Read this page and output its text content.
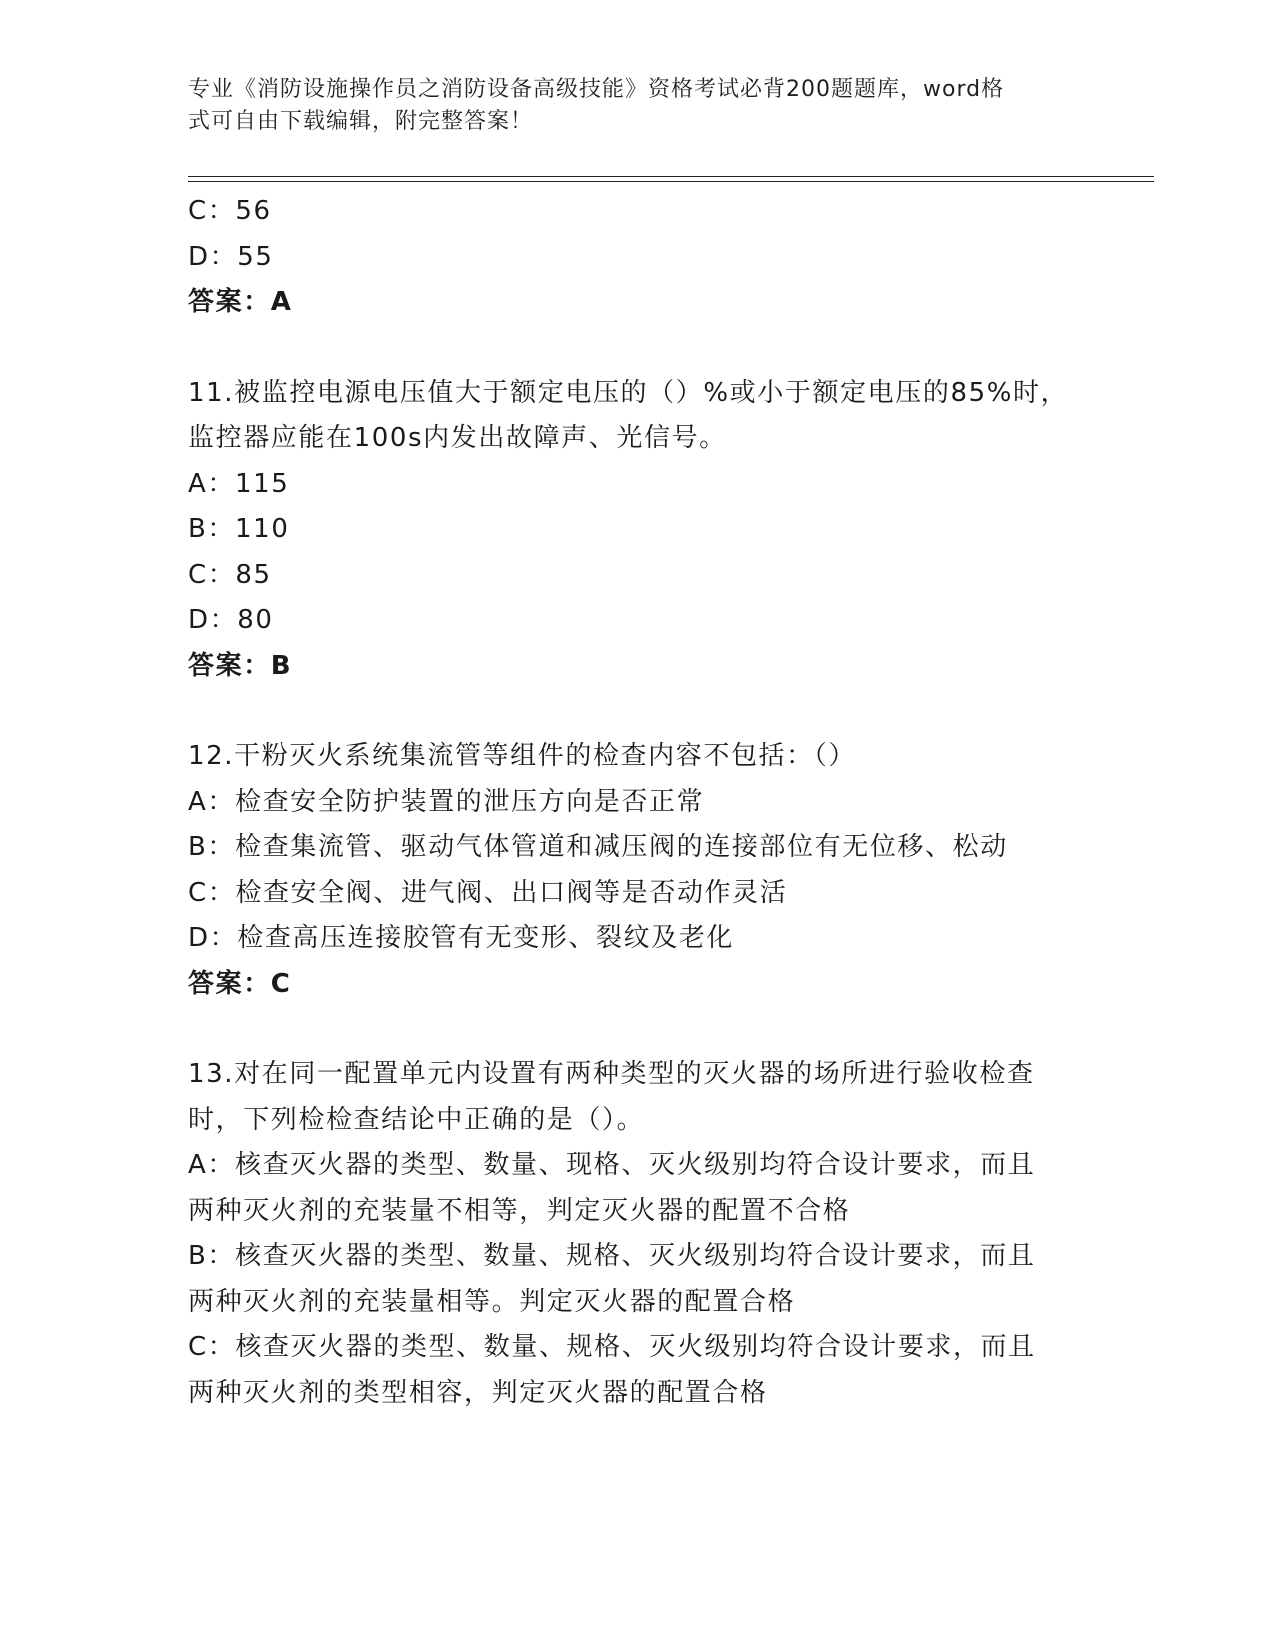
专业《消防设施操作员之消防设备高级技能》资格考试必背200题题库，word格
式可自由下载编辑，附完整答案！
C：56
D：55
答案：A
11.被监控电源电压值大于额定电压的（）%或小于额定电压的85%时，
监控器应能在100s内发出故障声、光信号。
A：115
B：110
C：85
D：80
答案：B
12.干粉灭火系统集流管等组件的检查内容不包括：（）
A：检查安全防护装置的泄压方向是否正常
B：检查集流管、驱动气体管道和减压阀的连接部位有无位移、松动
C：检查安全阀、进气阀、出口阀等是否动作灵活
D：检查高压连接胶管有无变形、裂纹及老化
答案：C
13.对在同一配置单元内设置有两种类型的灭火器的场所进行验收检查
时，下列检检查结论中正确的是（）。
A：核查灭火器的类型、数量、现格、灭火级别均符合设计要求，而且
两种灭火剂的充装量不相等，判定灭火器的配置不合格
B：核查灭火器的类型、数量、规格、灭火级别均符合设计要求，而且
两种灭火剂的充装量相等。判定灭火器的配置合格
C：核查灭火器的类型、数量、规格、灭火级别均符合设计要求，而且
两种灭火剂的类型相容，判定灭火器的配置合格
